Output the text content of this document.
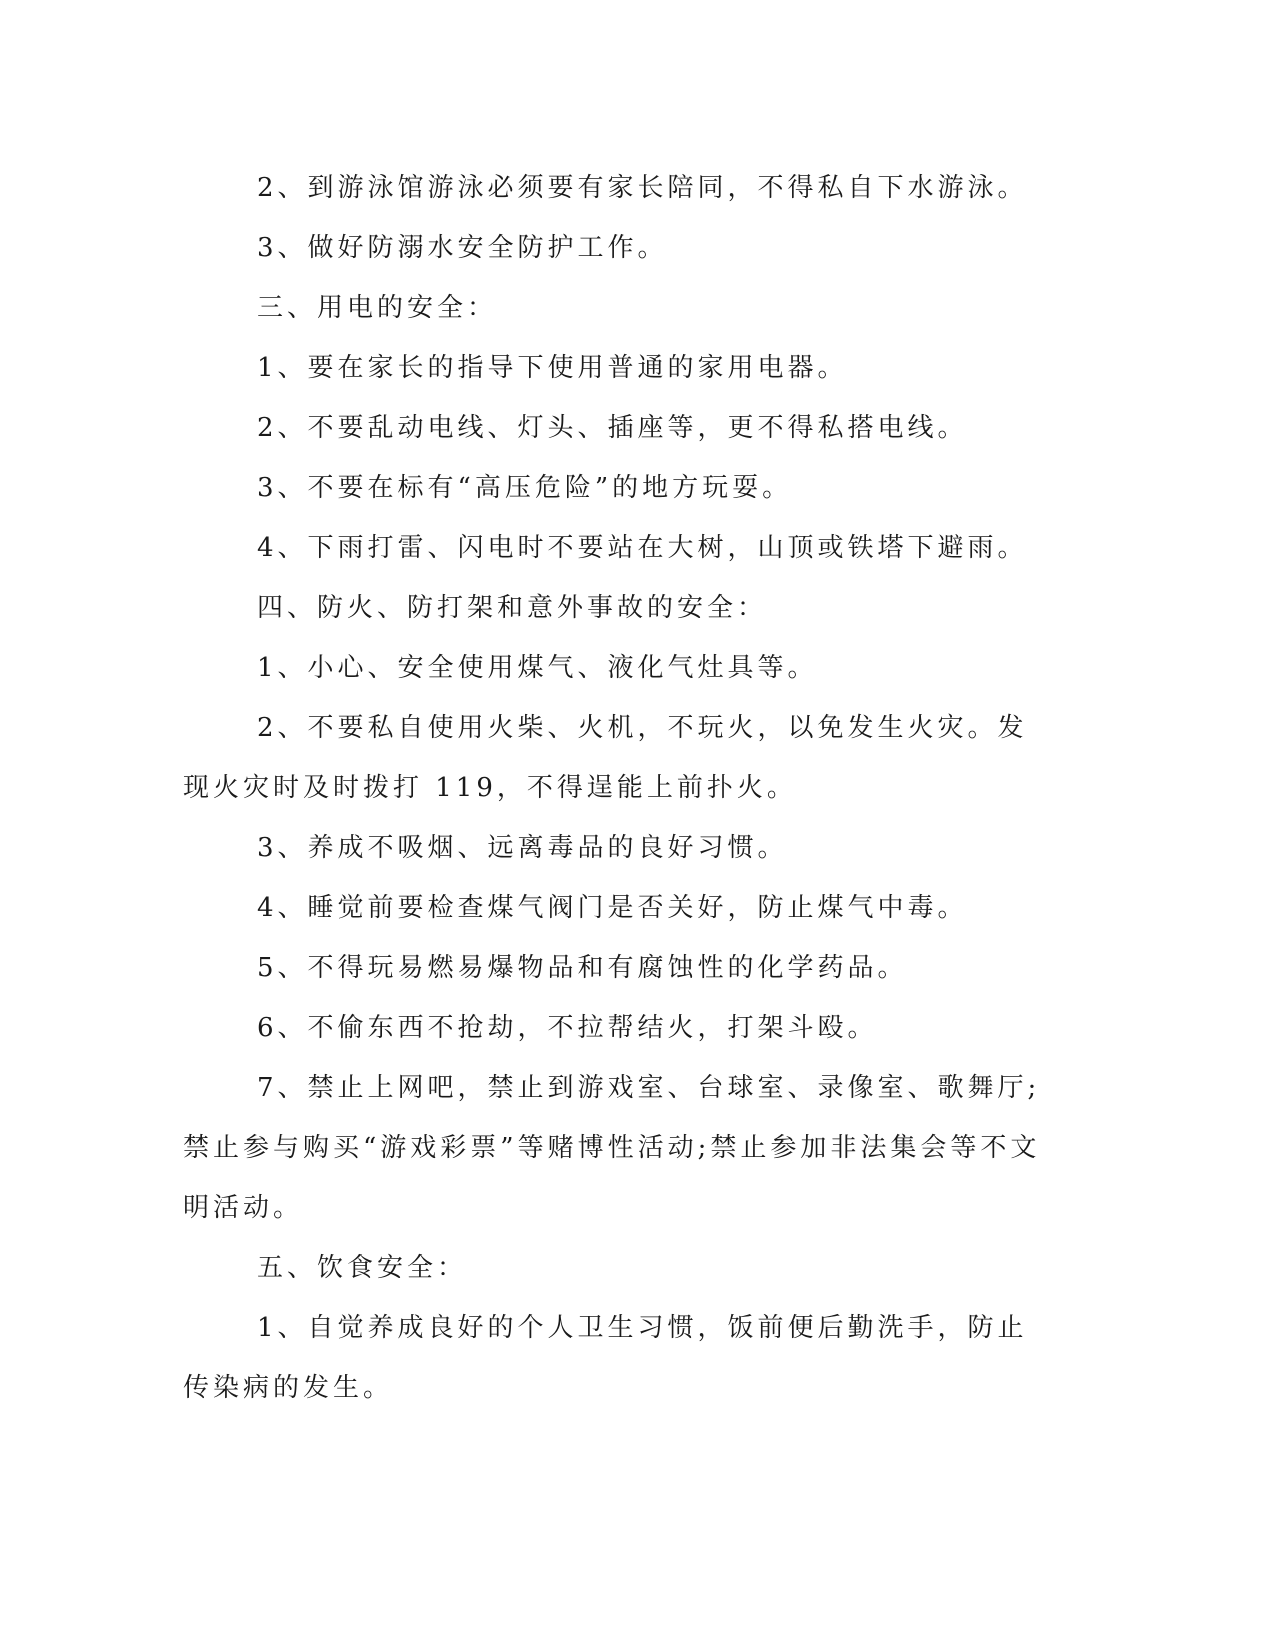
2、到游泳馆游泳必须要有家长陪同，不得私自下水游泳。

3、做好防溺水安全防护工作。

三、用电的安全：

1、要在家长的指导下使用普通的家用电器。

2、不要乱动电线、灯头、插座等，更不得私搭电线。

3、不要在标有“高压危险”的地方玩耍。

4、下雨打雷、闪电时不要站在大树，山顶或铁塔下避雨。

四、防火、防打架和意外事故的安全：

1、小心、安全使用煤气、液化气灶具等。

2、不要私自使用火柴、火机，不玩火，以免发生火灾。发现火灾时及时拨打 119，不得逞能上前扑火。

3、养成不吸烟、远离毒品的良好习惯。

4、睡觉前要检查煤气阀门是否关好，防止煤气中毒。

5、不得玩易燃易爆物品和有腐蚀性的化学药品。

6、不偷东西不抢劫，不拉帮结火，打架斗殴。

7、禁止上网吧，禁止到游戏室、台球室、录像室、歌舞厅;禁止参与购买“游戏彩票”等赌博性活动;禁止参加非法集会等不文明活动。

五、饮食安全：

1、自觉养成良好的个人卫生习惯，饭前便后勤洗手，防止传染病的发生。
